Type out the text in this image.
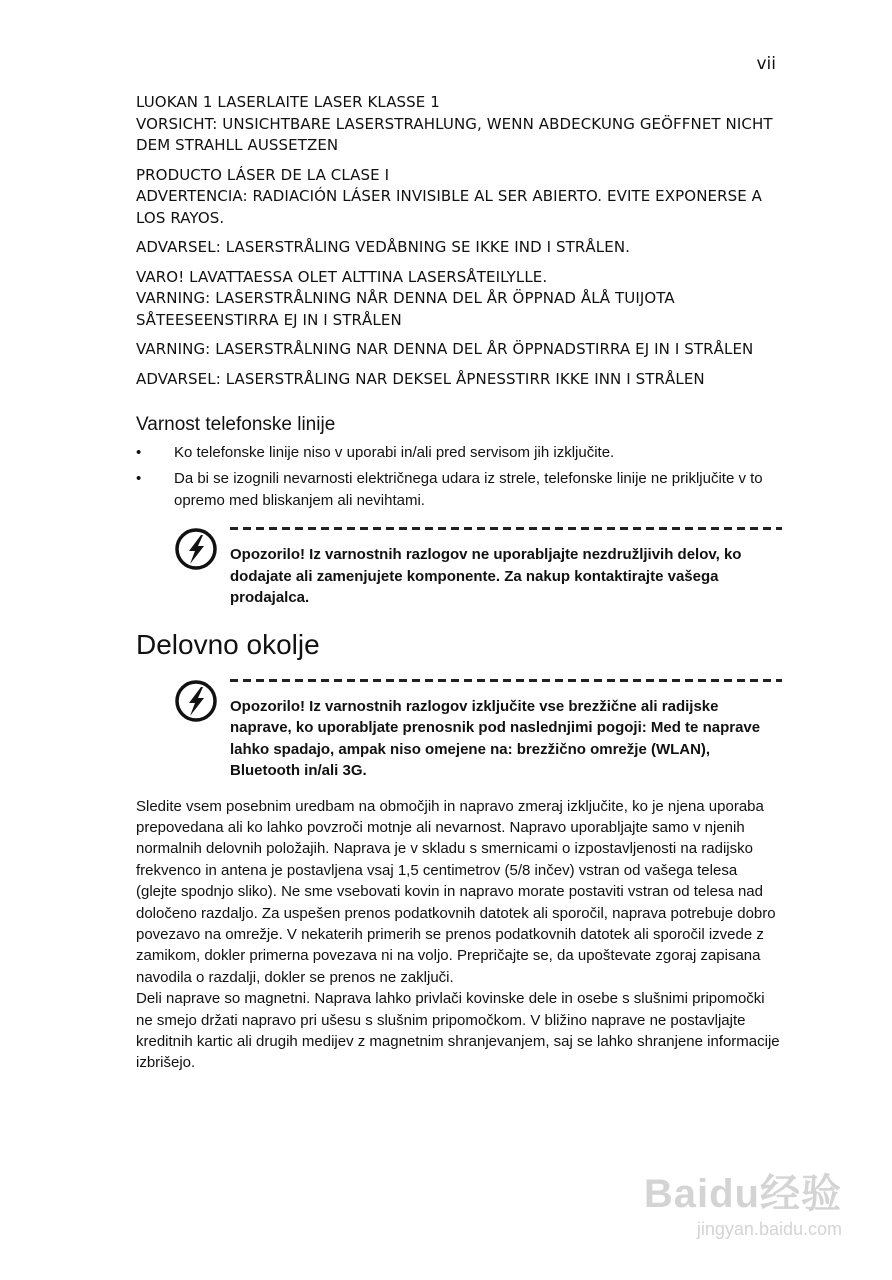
vii

LUOKAN 1 LASERLAITE LASER KLASSE 1
VORSICHT: UNSICHTBARE LASERSTRAHLUNG, WENN ABDECKUNG GEÖFFNET NICHT DEM STRAHLL AUSSETZEN

PRODUCTO LÁSER DE LA CLASE I
ADVERTENCIA: RADIACIÓN LÁSER INVISIBLE AL SER ABIERTO. EVITE EXPONERSE A LOS RAYOS.

ADVARSEL: LASERSTRÅLING VEDÅBNING SE IKKE IND I STRÅLEN.

VARO! LAVATTAESSA OLET ALTTINA LASERSÅTEILYLLE.
VARNING: LASERSTRÅLNING NÅR DENNA DEL ÅR ÖPPNAD ÅLÅ TUIJOTA SÅTEESEENSTIRRA EJ IN I STRÅLEN

VARNING: LASERSTRÅLNING NAR DENNA DEL ÅR ÖPPNADSTIRRA EJ IN I STRÅLEN

ADVARSEL: LASERSTRÅLING NAR DEKSEL ÅPNESSTIRR IKKE INN I STRÅLEN

Varnost telefonske linije
• Ko telefonske linije niso v uporabi in/ali pred servisom jih izključite.
• Da bi se izognili nevarnosti električnega udara iz strele, telefonske linije ne priključite v to opremo med bliskanjem ali nevihtami.
Opozorilo! Iz varnostnih razlogov ne uporabljajte nezdružljivih delov, ko dodajate ali zamenjujete komponente. Za nakup kontaktirajte vašega prodajalca.
Delovno okolje
Opozorilo! Iz varnostnih razlogov izključite vse brezžične ali radijske naprave, ko uporabljate prenosnik pod naslednjimi pogoji: Med te naprave lahko spadajo, ampak niso omejene na: brezžično omrežje (WLAN), Bluetooth in/ali 3G.

Sledite vsem posebnim uredbam na območjih in napravo zmeraj izključite, ko je njena uporaba prepovedana ali ko lahko povzroči motnje ali nevarnost. Napravo uporabljajte samo v njenih normalnih delovnih položajih. Naprava je v skladu s smernicami o izpostavljenosti na radijsko frekvenco in antena je postavljena vsaj 1,5 centimetrov (5/8 inčev) vstran od vašega telesa (glejte spodnjo sliko). Ne sme vsebovati kovin in napravo morate postaviti vstran od telesa nad določeno razdaljo. Za uspešen prenos podatkovnih datotek ali sporočil, naprava potrebuje dobro povezavo na omrežje. V nekaterih primerih se prenos podatkovnih datotek ali sporočil izvede z zamikom, dokler primerna povezava ni na voljo. Prepričajte se, da upoštevate zgoraj zapisana navodila o razdalji, dokler se prenos ne zaključi.

Deli naprave so magnetni. Naprava lahko privlači kovinske dele in osebe s slušnimi pripomočki ne smejo držati napravo pri ušesu s slušnim pripomočkom. V bližino naprave ne postavljajte kreditnih kartic ali drugih medijev z magnetnim shranjevanjem, saj se lahko shranjene informacije izbrišejo.

Baidu经验
jingyan.baidu.com
